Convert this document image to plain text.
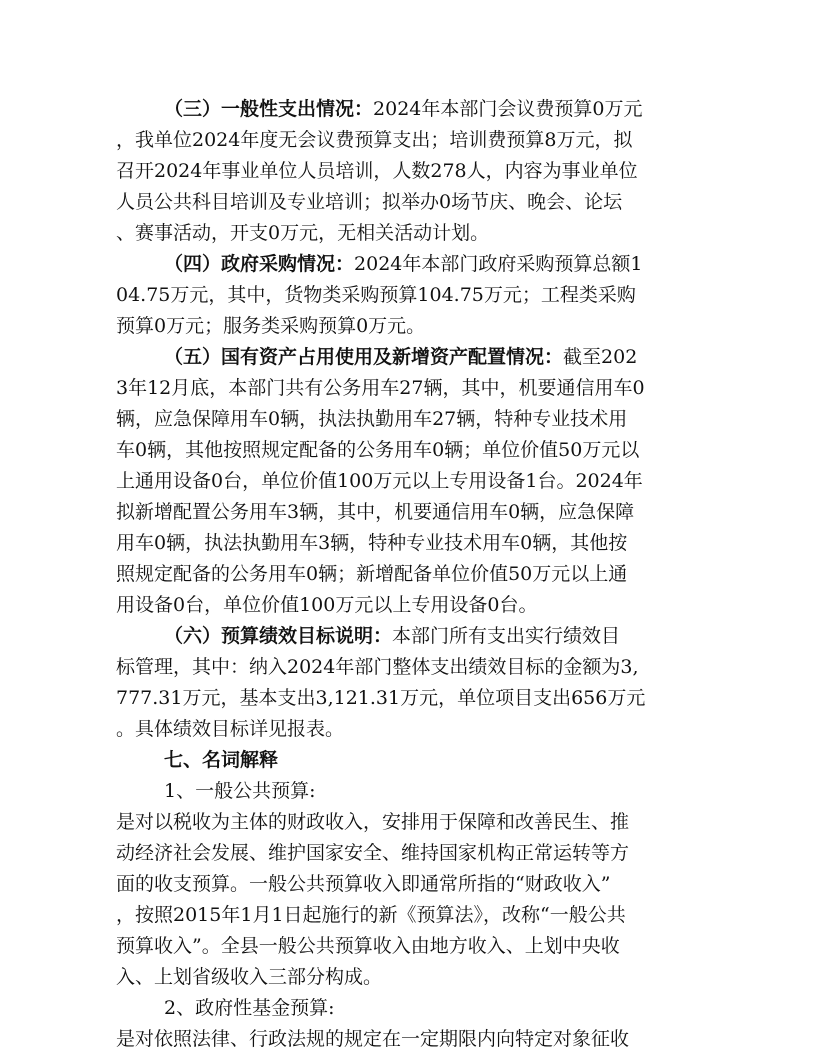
（三）一般性支出情况：2024年本部门会议费预算0万元
，我单位2024年度无会议费预算支出；培训费预算8万元，拟
召开2024年事业单位人员培训，人数278人，内容为事业单位
人员公共科目培训及专业培训；拟举办0场节庆、晚会、论坛
、赛事活动，开支0万元，无相关活动计划。
（四）政府采购情况：2024年本部门政府采购预算总额1
04.75万元，其中，货物类采购预算104.75万元；工程类采购
预算0万元；服务类采购预算0万元。
（五）国有资产占用使用及新增资产配置情况：截至202
3年12月底，本部门共有公务用车27辆，其中，机要通信用车0
辆，应急保障用车0辆，执法执勤用车27辆，特种专业技术用
车0辆，其他按照规定配备的公务用车0辆；单位价值50万元以
上通用设备0台，单位价值100万元以上专用设备1台。2024年
拟新增配置公务用车3辆，其中，机要通信用车0辆，应急保障
用车0辆，执法执勤用车3辆，特种专业技术用车0辆，其他按
照规定配备的公务用车0辆；新增配备单位价值50万元以上通
用设备0台，单位价值100万元以上专用设备0台。
（六）预算绩效目标说明：本部门所有支出实行绩效目
标管理，其中：纳入2024年部门整体支出绩效目标的金额为3,
777.31万元，基本支出3,121.31万元，单位项目支出656万元
。具体绩效目标详见报表。
七、名词解释
1、一般公共预算:
是对以税收为主体的财政收入，安排用于保障和改善民生、推
动经济社会发展、维护国家安全、维持国家机构正常运转等方
面的收支预算。一般公共预算收入即通常所指的“财政收入”
，按照2015年1月1日起施行的新《预算法》，改称“一般公共
预算收入”。全县一般公共预算收入由地方收入、上划中央收
入、上划省级收入三部分构成。
2、政府性基金预算:
是对依照法律、行政法规的规定在一定期限内向特定对象征收
